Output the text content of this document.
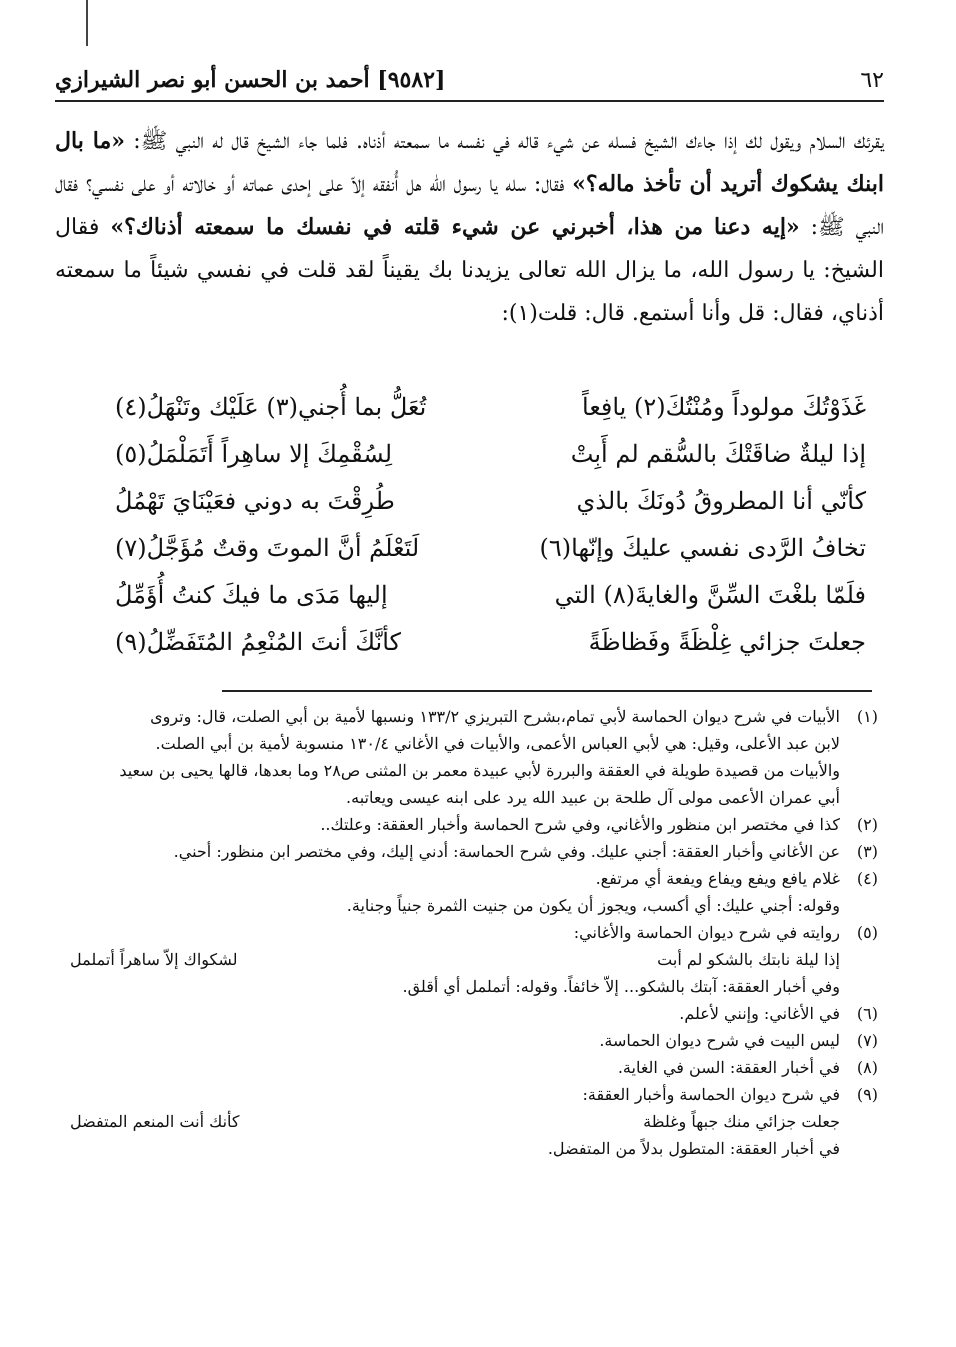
٦٢
[٩٥٨٢] أحمد بن الحسن أبو نصر الشيرازي
يقرئك السلام ويقول لك إذا جاءك الشيخ فسله عن شيء قاله في نفسه ما سمعته أذناه. فلما جاء الشيخ قال له النبي ﷺ: «ما بال ابنك يشكوك أتريد أن تأخذ ماله؟» فقال: سله يا رسول الله هل أُنفقه إلاّ على إحدى عماته أو خالاته أو على نفسي؟ فقال النبي ﷺ: «إيه دعنا من هذا، أخبرني عن شيء قلته في نفسك ما سمعته أذناك؟» فقال الشيخ: يا رسول الله، ما يزال الله تعالى يزيدنا بك يقيناً لقد قلت في نفسي شيئاً ما سمعته أذناي، فقال: قل وأنا أستمع. قال: قلت(١):
غَذَوْتُكَ مولوداً ومُنْتُكَ(٢) يافِعاً
تُعَلُّ بما أُجني(٣) عَلَيْك وتَنْهَلُ(٤)
إذا ليلةٌ ضاقَتْكَ بالسُّقم لم أَبِتْ
لِسُقْمِكَ إلا ساهِراً أَتَمَلْمَلُ(٥)
كأنّي أنا المطروقُ دُونَكَ بالذي
طُرِقْتَ به دوني فعَيْنَايَ تَهْمُلُ
تخافُ الرَّدى نفسي عليكَ وإنّها(٦)
لَتَعْلَمُ أنَّ الموتَ وقتٌ مُؤَجَّلُ(٧)
فلَمّا بلغْتَ السِّنَّ والغايةَ(٨) التي
إليها مَدَى ما فيكَ كنتُ أُؤَمِّلُ
جعلتَ جزائي غِلْظَةً وفَظاظَةً
كأنَّكَ أنتَ المُنْعِمُ المُتَفَضِّلُ(٩)
(١)
الأبيات في شرح ديوان الحماسة لأبي تمام،بشرح التبريزي ١٣٣/٢ ونسبها لأمية بن أبي الصلت، قال: وتروى
لابن عبد الأعلى، وقيل: هي لأبي العباس الأعمى، والأبيات في الأغاني ١٣٠/٤ منسوبة لأمية بن أبي الصلت.
والأبيات من قصيدة طويلة في العققة والبررة لأبي عبيدة معمر بن المثنى ص٢٨ وما بعدها، قالها يحيى بن سعيد
أبي عمران الأعمى مولى آل طلحة بن عبيد الله يرد على ابنه عيسى ويعاتبه.
(٢)
كذا في مختصر ابن منظور والأغاني، وفي شرح الحماسة وأخبار العققة: وعلتك..
(٣)
عن الأغاني وأخبار العققة: أجني عليك. وفي شرح الحماسة: أدني إليك، وفي مختصر ابن منظور: أحني.
(٤)
غلام يافع ويفع ويفاع ويفعة أي مرتفع.
وقوله: أجني عليك: أي أكسب، ويجوز أن يكون من جنيت الثمرة جنياً وجناية.
(٥)
روايته في شرح ديوان الحماسة والأغاني:
إذا ليلة نابتك بالشكو لم أبت
لشكواك إلاّ ساهراً أتململ
وفي أخبار العققة: آبتك بالشكو... إلاّ خائفاً. وقوله: أتململ أي أقلق.
(٦)
في الأغاني: وإنني لأعلم.
(٧)
ليس البيت في شرح ديوان الحماسة.
(٨)
في أخبار العققة: السن في الغاية.
(٩)
في شرح ديوان الحماسة وأخبار العققة:
جعلت جزائي منك جبهاً وغلظة
كأنك أنت المنعم المتفضل
في أخبار العققة: المتطول بدلاً من المتفضل.
